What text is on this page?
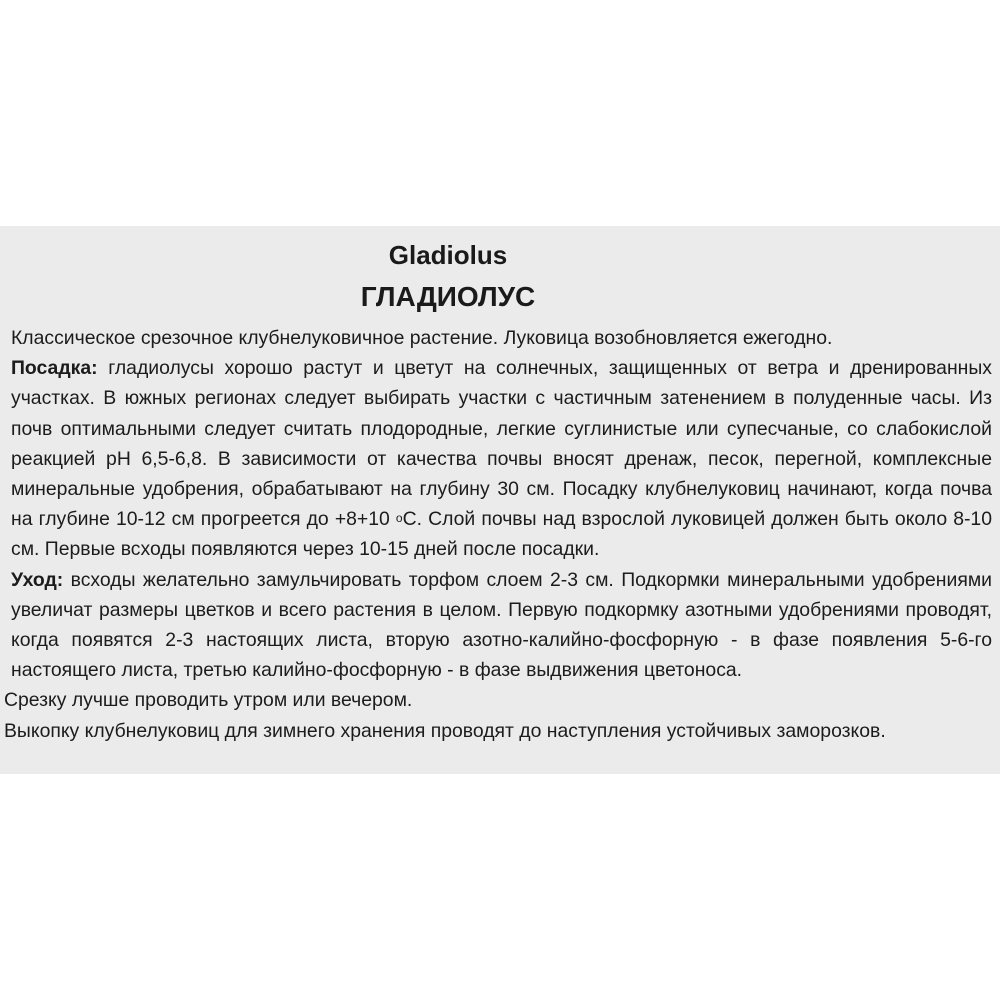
Gladiolus
ГЛАДИОЛУС

Классическое срезочное клубнелуковичное растение. Луковица возобновляется ежегодно.

Посадка: гладиолусы хорошо растут и цветут на солнечных, защищенных от ветра и дренированных участках. В южных регионах следует выбирать участки с частичным затенением в полуденные часы. Из почв оптимальными следует считать плодородные, легкие суглинистые или супесчаные, со слабокислой реакцией pH 6,5-6,8. В зависимости от качества почвы вносят дренаж, песок, перегной, комплексные минеральные удобрения, обрабатывают на глубину 30 см. Посадку клубнелуковиц начинают, когда почва на глубине 10-12 см прогреется до +8+10 $^о$С. Слой почвы над взрослой луковицей должен быть около 8-10 см. Первые всходы появляются через 10-15 дней после посадки.

Уход: всходы желательно замульчировать торфом слоем 2-3 см. Подкормки минеральными удобрениями увеличат размеры цветков и всего растения в целом. Первую подкормку азотными удобрениями проводят, когда появятся 2-3 настоящих листа, вторую азотно-калийно-фосфорную - в фазе появления 5-6-го настоящего листа, третью калийно-фосфорную - в фазе выдвижения цветоноса.

Срезку лучше проводить утром или вечером.

Выкопку клубнелуковиц для зимнего хранения проводят до наступления устойчивых заморозков.
